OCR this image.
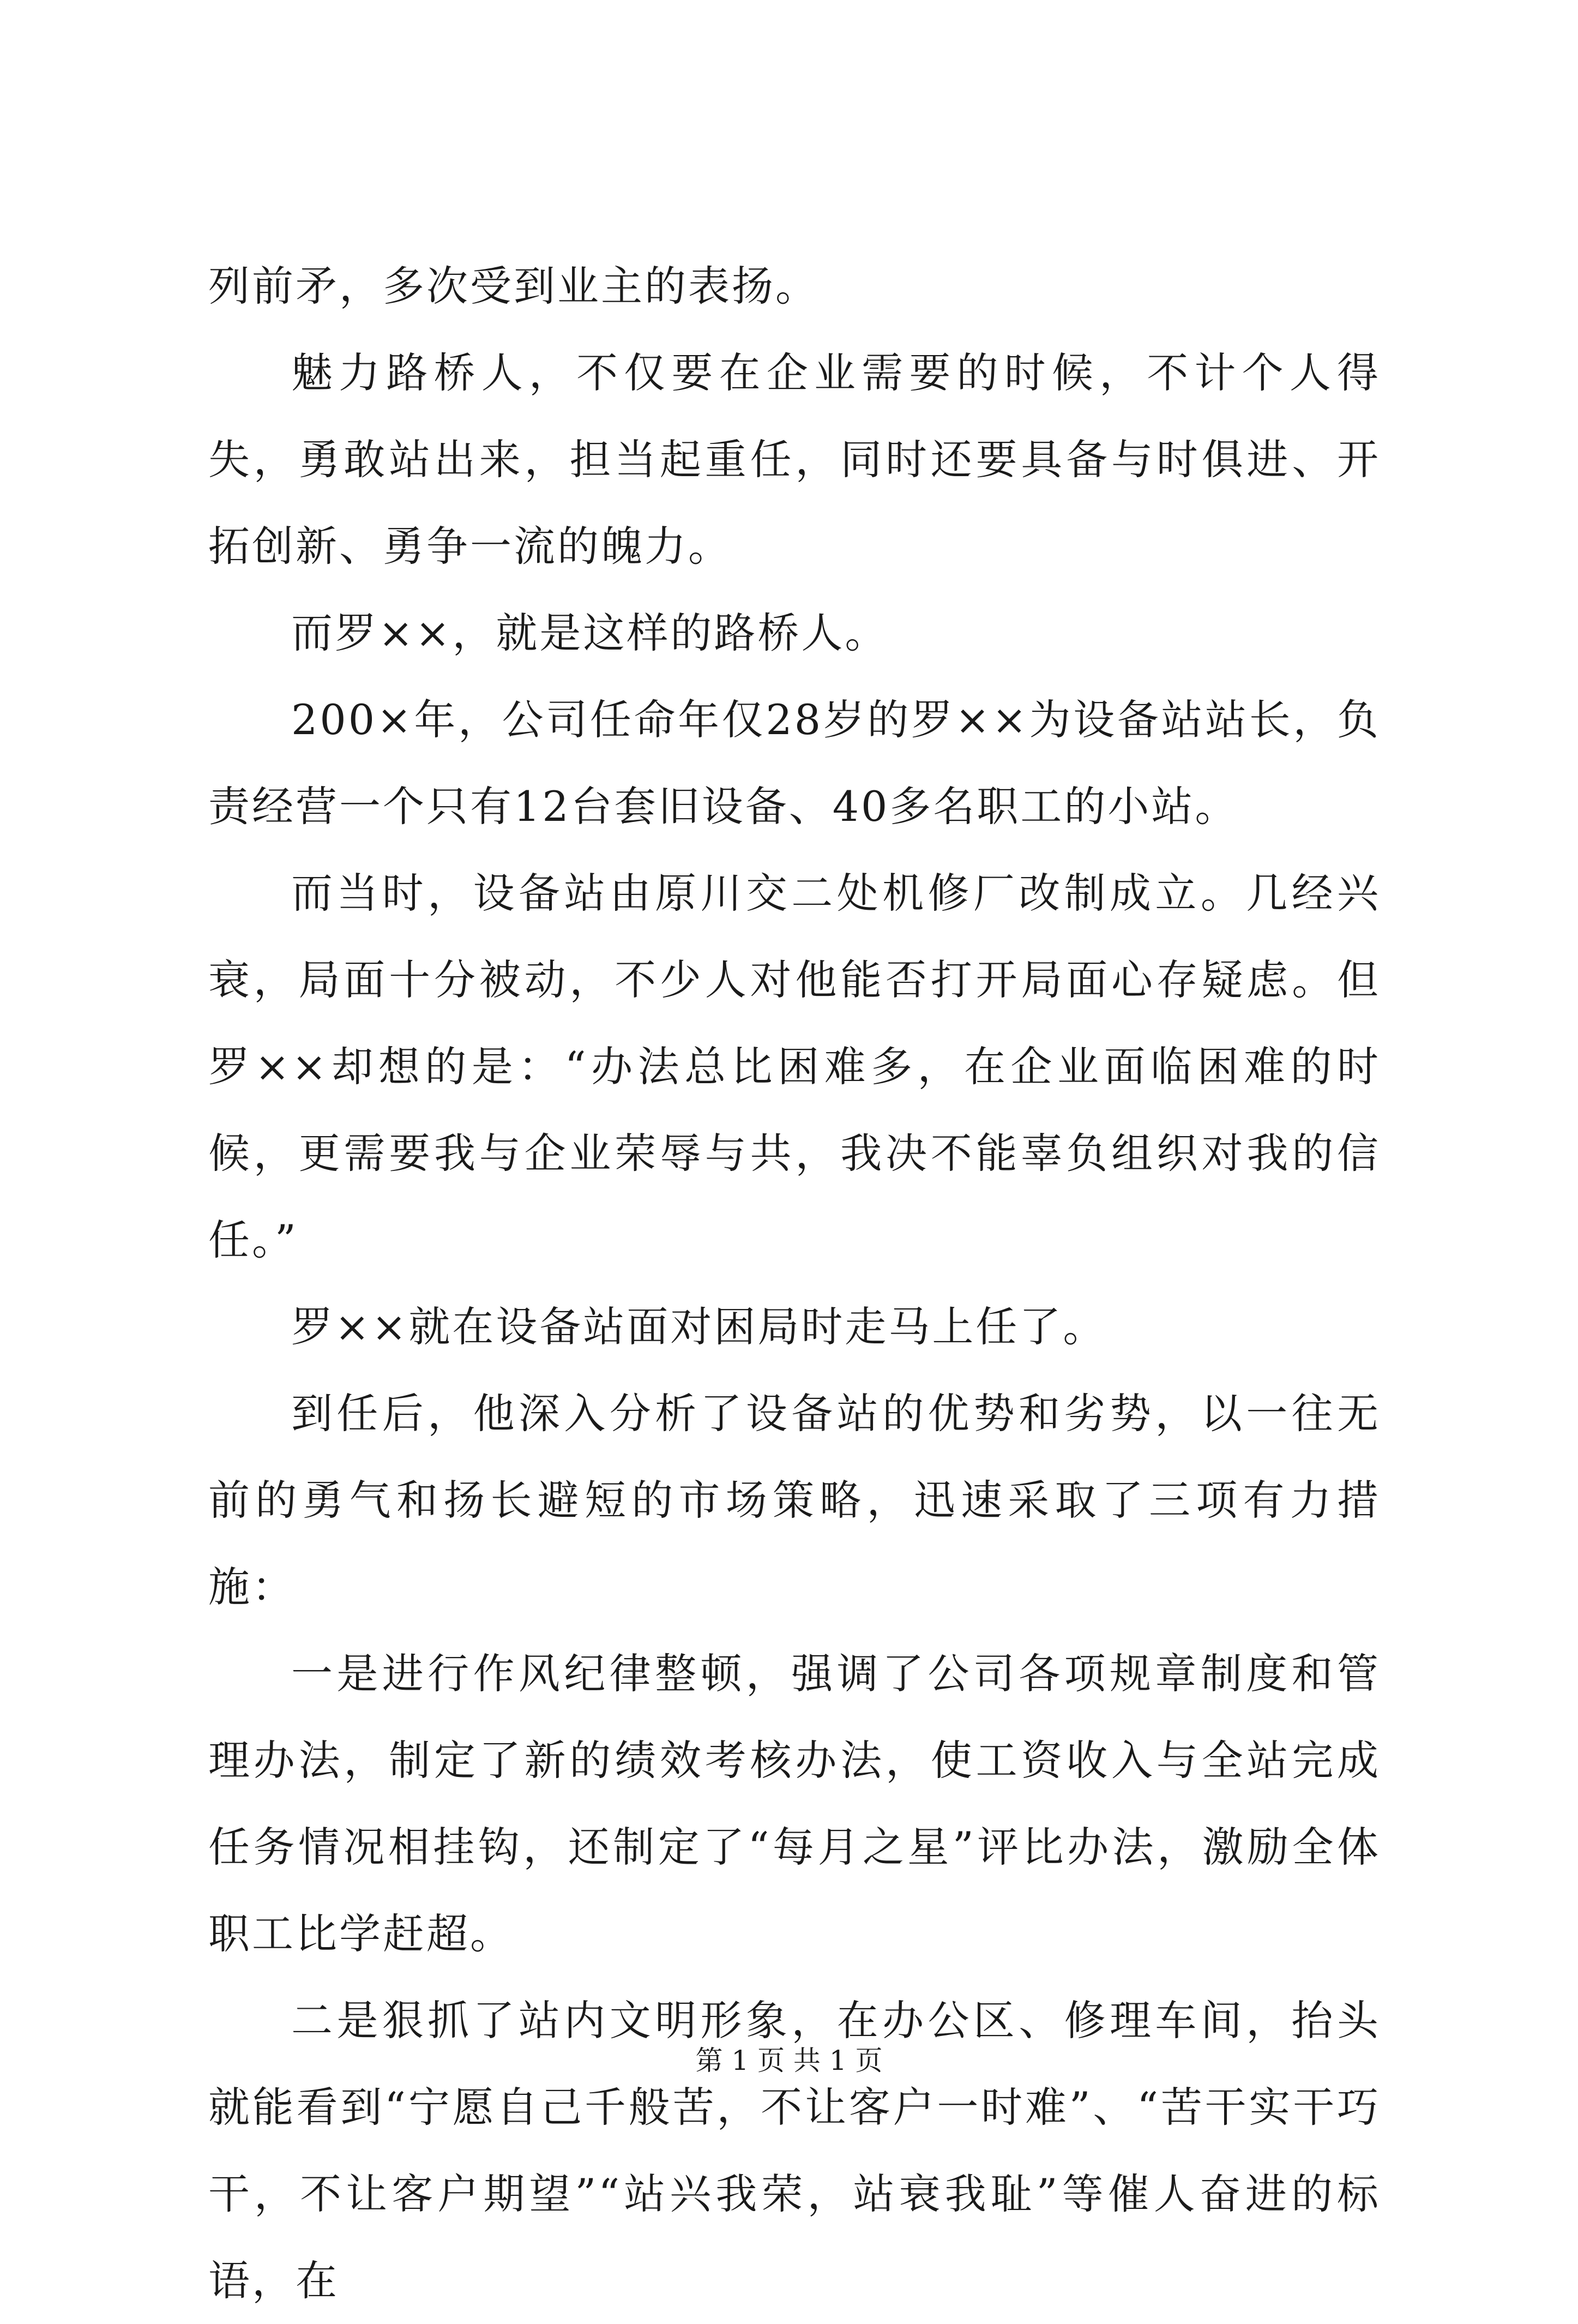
列前矛，多次受到业主的表扬。

魅力路桥人，不仅要在企业需要的时候，不计个人得失，勇敢站出来，担当起重任，同时还要具备与时俱进、开拓创新、勇争一流的魄力。

而罗××，就是这样的路桥人。

200×年，公司任命年仅28岁的罗××为设备站站长，负责经营一个只有12台套旧设备、40多名职工的小站。

而当时，设备站由原川交二处机修厂改制成立。几经兴衰，局面十分被动，不少人对他能否打开局面心存疑虑。但罗××却想的是：“办法总比困难多，在企业面临困难的时候，更需要我与企业荣辱与共，我决不能辜负组织对我的信任。”

罗××就在设备站面对困局时走马上任了。

到任后，他深入分析了设备站的优势和劣势，以一往无前的勇气和扬长避短的市场策略，迅速采取了三项有力措施：

一是进行作风纪律整顿，强调了公司各项规章制度和管理办法，制定了新的绩效考核办法，使工资收入与全站完成任务情况相挂钩，还制定了“每月之星”评比办法，激励全体职工比学赶超。

二是狠抓了站内文明形象，在办公区、修理车间，抬头就能看到“宁愿自己千般苦，不让客户一时难”、“苦干实干巧干，不让客户期望”“站兴我荣，站衰我耻”等催人奋进的标语，在

第 1 页 共 1 页
